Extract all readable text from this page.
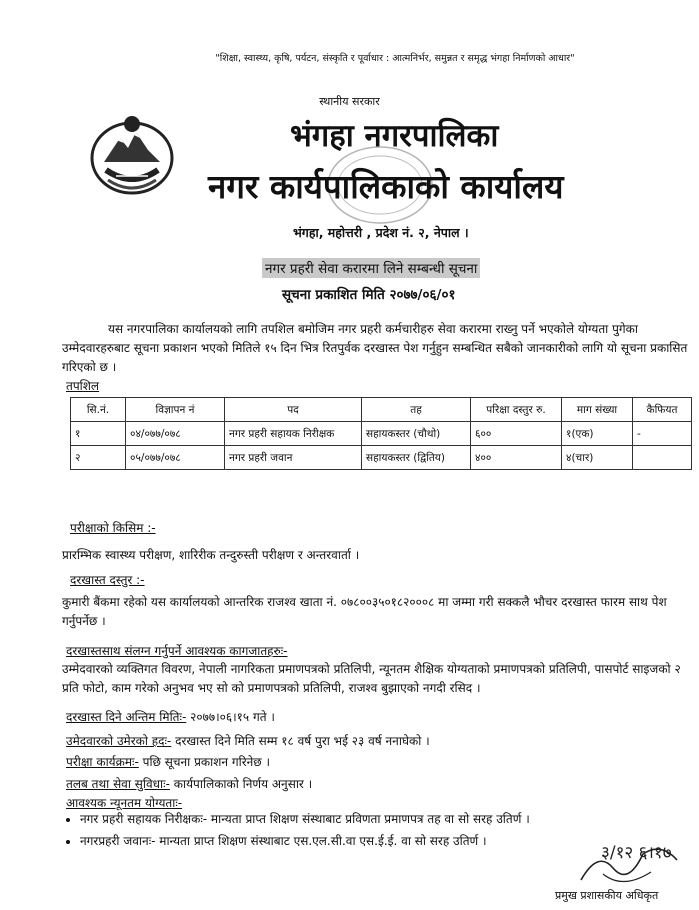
"शिक्षा, स्वास्थ्य, कृषि, पर्यटन, संस्कृति र पूर्वाधार : आत्मनिर्भर, समुन्नत र समृद्ध भंगहा निर्माणको आधार"
स्थानीय सरकार
भंगहा नगरपालिका
नगर कार्यपालिकाको कार्यालय
भंगहा, महोत्तरी , प्रदेश नं. २, नेपाल ।
नगर प्रहरी सेवा करारमा लिने सम्बन्धी सूचना
सूचना प्रकाशित मिति २०७७/०६/०१
यस नगरपालिका कार्यालयको लागि तपशिल बमोजिम नगर प्रहरी कर्मचारीहरु सेवा करारमा राख्नु पर्ने भएकोले योग्यता पुगेका उम्मेदवारहरुबाट सूचना प्रकाशन भएको मितिले १५ दिन भित्र रितपुर्वक दरखास्त पेश गर्नुहुन सम्बन्धित सबैको जानकारीको लागि यो सूचना प्रकासित गरिएको छ ।
तपशिल
सि.नं.	विज्ञापन नं	पद	तह	परिक्षा दस्तुर रु.	माग संख्या	कैफियत
१	०४/०७७/०७८	नगर प्रहरी सहायक निरीक्षक	सहायकस्तर (चौथो)	६००	१(एक)	-
२	०५/०७७/०७८	नगर प्रहरी जवान	सहायकस्तर (द्वितिय)	४००	४(चार)	
परीक्षाको किसिम :-
प्रारम्भिक स्वास्थ्य परीक्षण, शारिरीक तन्दुरुस्ती परीक्षण र अन्तरवार्ता ।
दरखास्त दस्तुर :-
कुमारी बैंकमा रहेको यस कार्यालयको आन्तरिक राजश्व खाता नं. ०७८००३५०१८२०००८ मा जम्मा गरी सक्कलै भौचर दरखास्त फारम साथ पेश गर्नुपर्नेछ ।
दरखास्तसाथ संलग्न गर्नुपर्ने आवश्यक कागजातहरुः-
उम्मेदवारको व्यक्तिगत विवरण, नेपाली नागरिकता प्रमाणपत्रको प्रतिलिपी, न्यूनतम शैक्षिक योग्यताको प्रमाणपत्रको प्रतिलिपी, पासपोर्ट साइजको २ प्रति फोटो, काम गरेको अनुभव भए सो को प्रमाणपत्रको प्रतिलिपी, राजश्व बुझाएको नगदी रसिद ।
दरखास्त दिने अन्तिम मितिः- २०७७।०६।१५ गते ।
उमेदवारको उमेरको हदः- दरखास्त दिने मिति सम्म १८ वर्ष पुरा भई २३ वर्ष ननाघेको ।
परीक्षा कार्यक्रमः- पछि सूचना प्रकाशन गरिनेछ ।
तलब तथा सेवा सुविधाः- कार्यपालिकाको निर्णय अनुसार ।
आवश्यक न्यूनतम योग्यताः-
• नगर प्रहरी सहायक निरीक्षकः- मान्यता प्राप्त शिक्षण संस्थाबाट प्रविणता प्रमाणपत्र तह वा सो सरह उतिर्ण ।
• नगरप्रहरी जवानः- मान्यता प्राप्त शिक्षण संस्थाबाट एस.एल.सी.वा एस.ई.ई. वा सो सरह उतिर्ण ।
३/१२ ६।१७
प्रमुख प्रशासकीय अधिकृत
